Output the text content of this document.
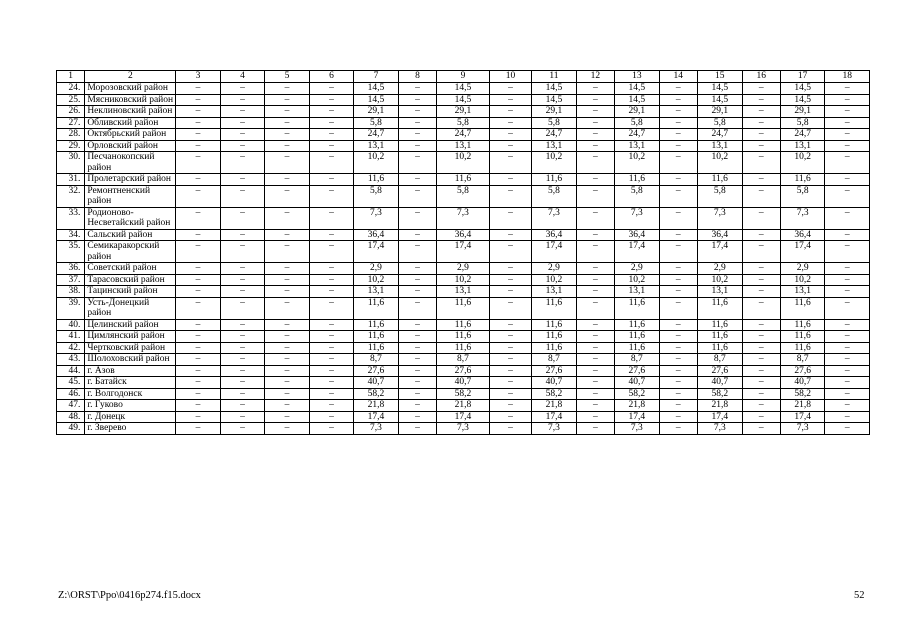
1	2	3	4	5	6	7	8	9	10	11	12	13	14	15	16	17	18
24.	Морозовский район	–	–	–	–	14,5	–	14,5	–	14,5	–	14,5	–	14,5	–	14,5	–
25.	Мясниковский район	–	–	–	–	14,5	–	14,5	–	14,5	–	14,5	–	14,5	–	14,5	–
26.	Неклиновский район	–	–	–	–	29,1	–	29,1	–	29,1	–	29,1	–	29,1	–	29,1	–
27.	Обливский район	–	–	–	–	5,8	–	5,8	–	5,8	–	5,8	–	5,8	–	5,8	–
28.	Октябрьский район	–	–	–	–	24,7	–	24,7	–	24,7	–	24,7	–	24,7	–	24,7	–
29.	Орловский район	–	–	–	–	13,1	–	13,1	–	13,1	–	13,1	–	13,1	–	13,1	–
30.	Песчанокопский район	–	–	–	–	10,2	–	10,2	–	10,2	–	10,2	–	10,2	–	10,2	–
31.	Пролетарский район	–	–	–	–	11,6	–	11,6	–	11,6	–	11,6	–	11,6	–	11,6	–
32.	Ремонтненский район	–	–	–	–	5,8	–	5,8	–	5,8	–	5,8	–	5,8	–	5,8	–
33.	Родионово-Несветайский район	–	–	–	–	7,3	–	7,3	–	7,3	–	7,3	–	7,3	–	7,3	–
34.	Сальский район	–	–	–	–	36,4	–	36,4	–	36,4	–	36,4	–	36,4	–	36,4	–
35.	Семикаракорский район	–	–	–	–	17,4	–	17,4	–	17,4	–	17,4	–	17,4	–	17,4	–
36.	Советский район	–	–	–	–	2,9	–	2,9	–	2,9	–	2,9	–	2,9	–	2,9	–
37.	Тарасовский район	–	–	–	–	10,2	–	10,2	–	10,2	–	10,2	–	10,2	–	10,2	–
38.	Тацинский район	–	–	–	–	13,1	–	13,1	–	13,1	–	13,1	–	13,1	–	13,1	–
39.	Усть-Донецкий район	–	–	–	–	11,6	–	11,6	–	11,6	–	11,6	–	11,6	–	11,6	–
40.	Целинский район	–	–	–	–	11,6	–	11,6	–	11,6	–	11,6	–	11,6	–	11,6	–
41.	Цимлянский район	–	–	–	–	11,6	–	11,6	–	11,6	–	11,6	–	11,6	–	11,6	–
42.	Чертковский район	–	–	–	–	11,6	–	11,6	–	11,6	–	11,6	–	11,6	–	11,6	–
43.	Шолоховский район	–	–	–	–	8,7	–	8,7	–	8,7	–	8,7	–	8,7	–	8,7	–
44.	г. Азов	–	–	–	–	27,6	–	27,6	–	27,6	–	27,6	–	27,6	–	27,6	–
45.	г. Батайск	–	–	–	–	40,7	–	40,7	–	40,7	–	40,7	–	40,7	–	40,7	–
46.	г. Волгодонск	–	–	–	–	58,2	–	58,2	–	58,2	–	58,2	–	58,2	–	58,2	–
47.	г. Гуково	–	–	–	–	21,8	–	21,8	–	21,8	–	21,8	–	21,8	–	21,8	–
48.	г. Донецк	–	–	–	–	17,4	–	17,4	–	17,4	–	17,4	–	17,4	–	17,4	–
49.	г. Зверево	–	–	–	–	7,3	–	7,3	–	7,3	–	7,3	–	7,3	–	7,3	–
Z:\ORST\Ppo\0416p274.f15.docx	52
